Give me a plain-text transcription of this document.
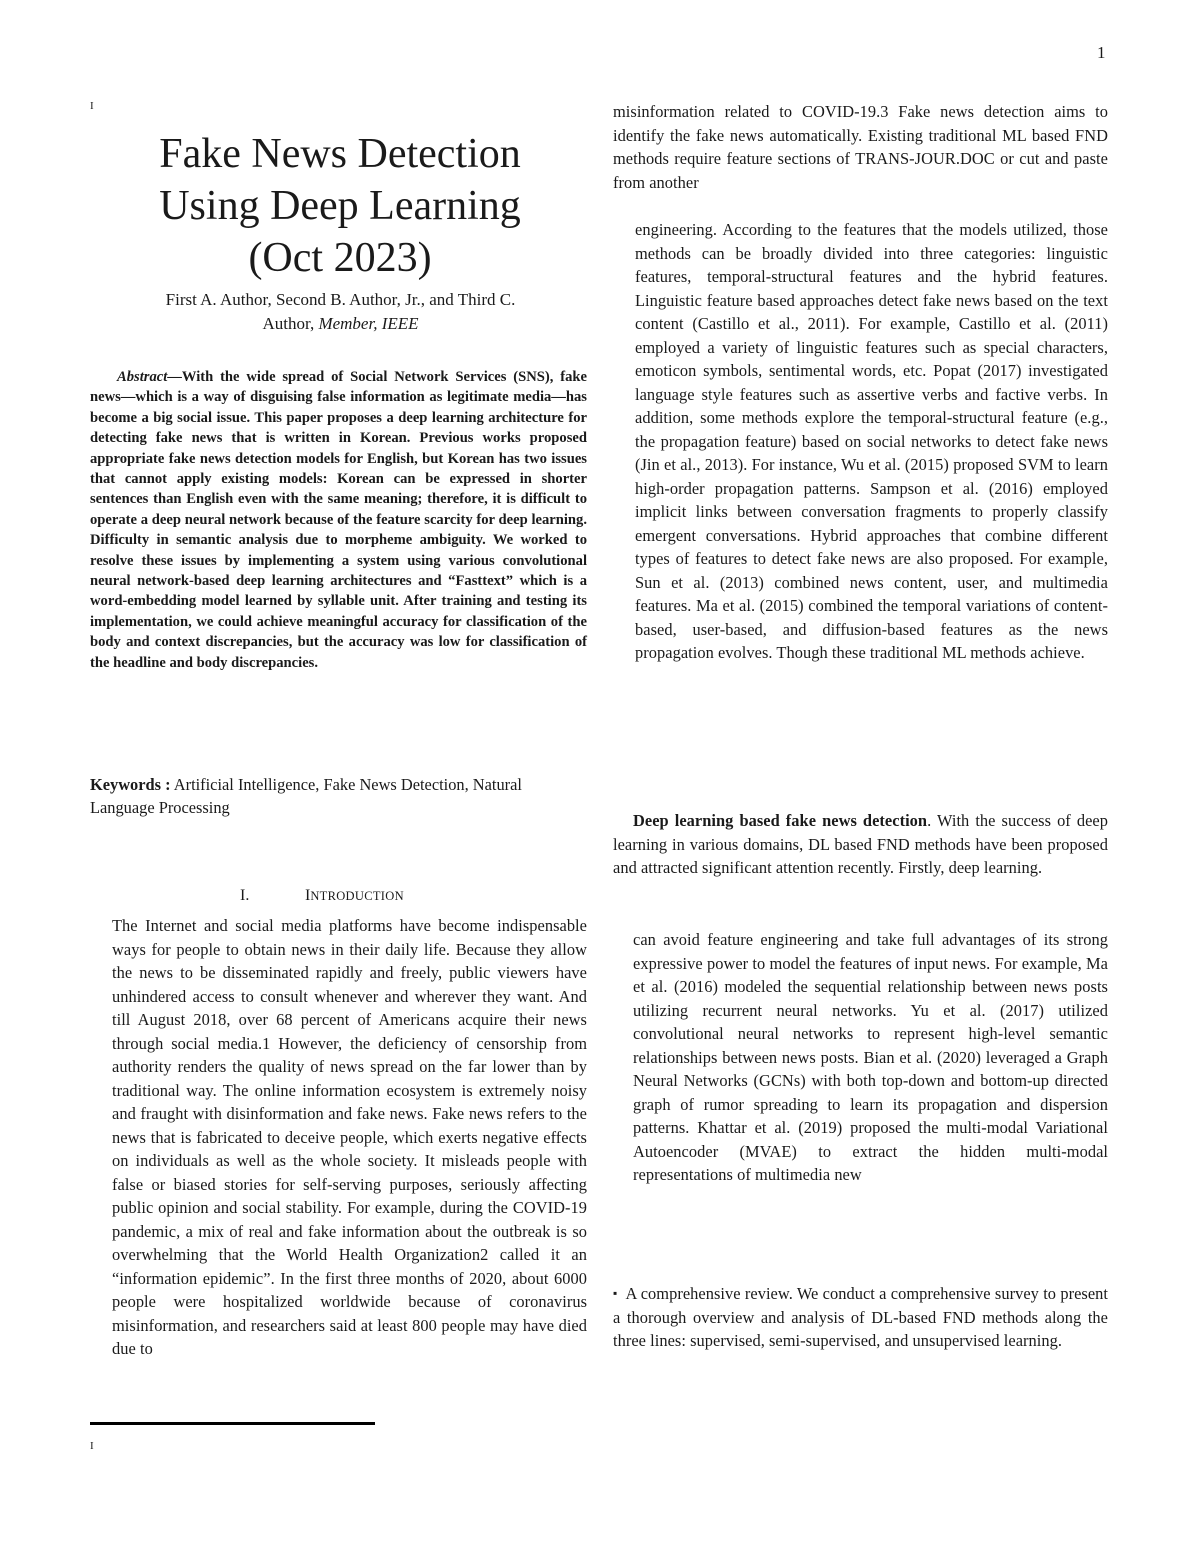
1
I
Fake News Detection
Using Deep Learning
(Oct 2023)
First A. Author, Second B. Author, Jr., and Third C.
Author, Member, IEEE
Abstract—With the wide spread of Social Network Services (SNS), fake news—which is a way of disguising false information as legitimate media—has become a big social issue. This paper proposes a deep learning architecture for detecting fake news that is written in Korean. Previous works proposed appropriate fake news detection models for English, but Korean has two issues that cannot apply existing models: Korean can be expressed in shorter sentences than English even with the same meaning; therefore, it is difficult to operate a deep neural network because of the feature scarcity for deep learning. Difficulty in semantic analysis due to morpheme ambiguity. We worked to resolve these issues by implementing a system using various convolutional neural network-based deep learning architectures and “Fasttext” which is a word-embedding model learned by syllable unit. After training and testing its implementation, we could achieve meaningful accuracy for classification of the body and context discrepancies, but the accuracy was low for classification of the headline and body discrepancies.
Keywords : Artificial Intelligence, Fake News Detection, Natural Language Processing
I.	INTRODUCTION
The Internet and social media platforms have become indispensable ways for people to obtain news in their daily life. Because they allow the news to be disseminated rapidly and freely, public viewers have unhindered access to consult whenever and wherever they want. And till August 2018, over 68 percent of Americans acquire their news through social media.1 However, the deficiency of censorship from authority renders the quality of news spread on the far lower than by traditional way. The online information ecosystem is extremely noisy and fraught with disinformation and fake news. Fake news refers to the news that is fabricated to deceive people, which exerts negative effects on individuals as well as the whole society. It misleads people with false or biased stories for self-serving purposes, seriously affecting public opinion and social stability. For example, during the COVID-19 pandemic, a mix of real and fake information about the outbreak is so overwhelming that the World Health Organization2 called it an “information epidemic”. In the first three months of 2020, about 6000 people were hospitalized worldwide because of coronavirus misinformation, and researchers said at least 800 people may have died due to
I
misinformation related to COVID-19.3 Fake news detection aims to identify the fake news automatically. Existing traditional ML based FND methods require feature sections of TRANS-JOUR.DOC or cut and paste from another
engineering. According to the features that the models utilized, those methods can be broadly divided into three categories: linguistic features, temporal-structural features and the hybrid features. Linguistic feature based approaches detect fake news based on the text content (Castillo et al., 2011). For example, Castillo et al. (2011) employed a variety of linguistic features such as special characters, emoticon symbols, sentimental words, etc. Popat (2017) investigated language style features such as assertive verbs and factive verbs. In addition, some methods explore the temporal-structural feature (e.g., the propagation feature) based on social networks to detect fake news (Jin et al., 2013). For instance, Wu et al. (2015) proposed SVM to learn high-order propagation patterns. Sampson et al. (2016) employed implicit links between conversation fragments to properly classify emergent conversations. Hybrid approaches that combine different types of features to detect fake news are also proposed. For example, Sun et al. (2013) combined news content, user, and multimedia features. Ma et al. (2015) combined the temporal variations of content-based, user-based, and diffusion-based features as the news propagation evolves. Though these traditional ML methods achieve.
Deep learning based fake news detection. With the success of deep learning in various domains, DL based FND methods have been proposed and attracted significant attention recently. Firstly, deep learning.
can avoid feature engineering and take full advantages of its strong expressive power to model the features of input news. For example, Ma et al. (2016) modeled the sequential relationship between news posts utilizing recurrent neural networks. Yu et al. (2017) utilized convolutional neural networks to represent high-level semantic relationships between news posts. Bian et al. (2020) leveraged a Graph Neural Networks (GCNs) with both top-down and bottom-up directed graph of rumor spreading to learn its propagation and dispersion patterns. Khattar et al. (2019) proposed the multi-modal Variational Autoencoder (MVAE) to extract the hidden multi-modal representations of multimedia new
▪ A comprehensive review. We conduct a comprehensive survey to present a thorough overview and analysis of DL-based FND methods along the three lines: supervised, semi-supervised, and unsupervised learning.
